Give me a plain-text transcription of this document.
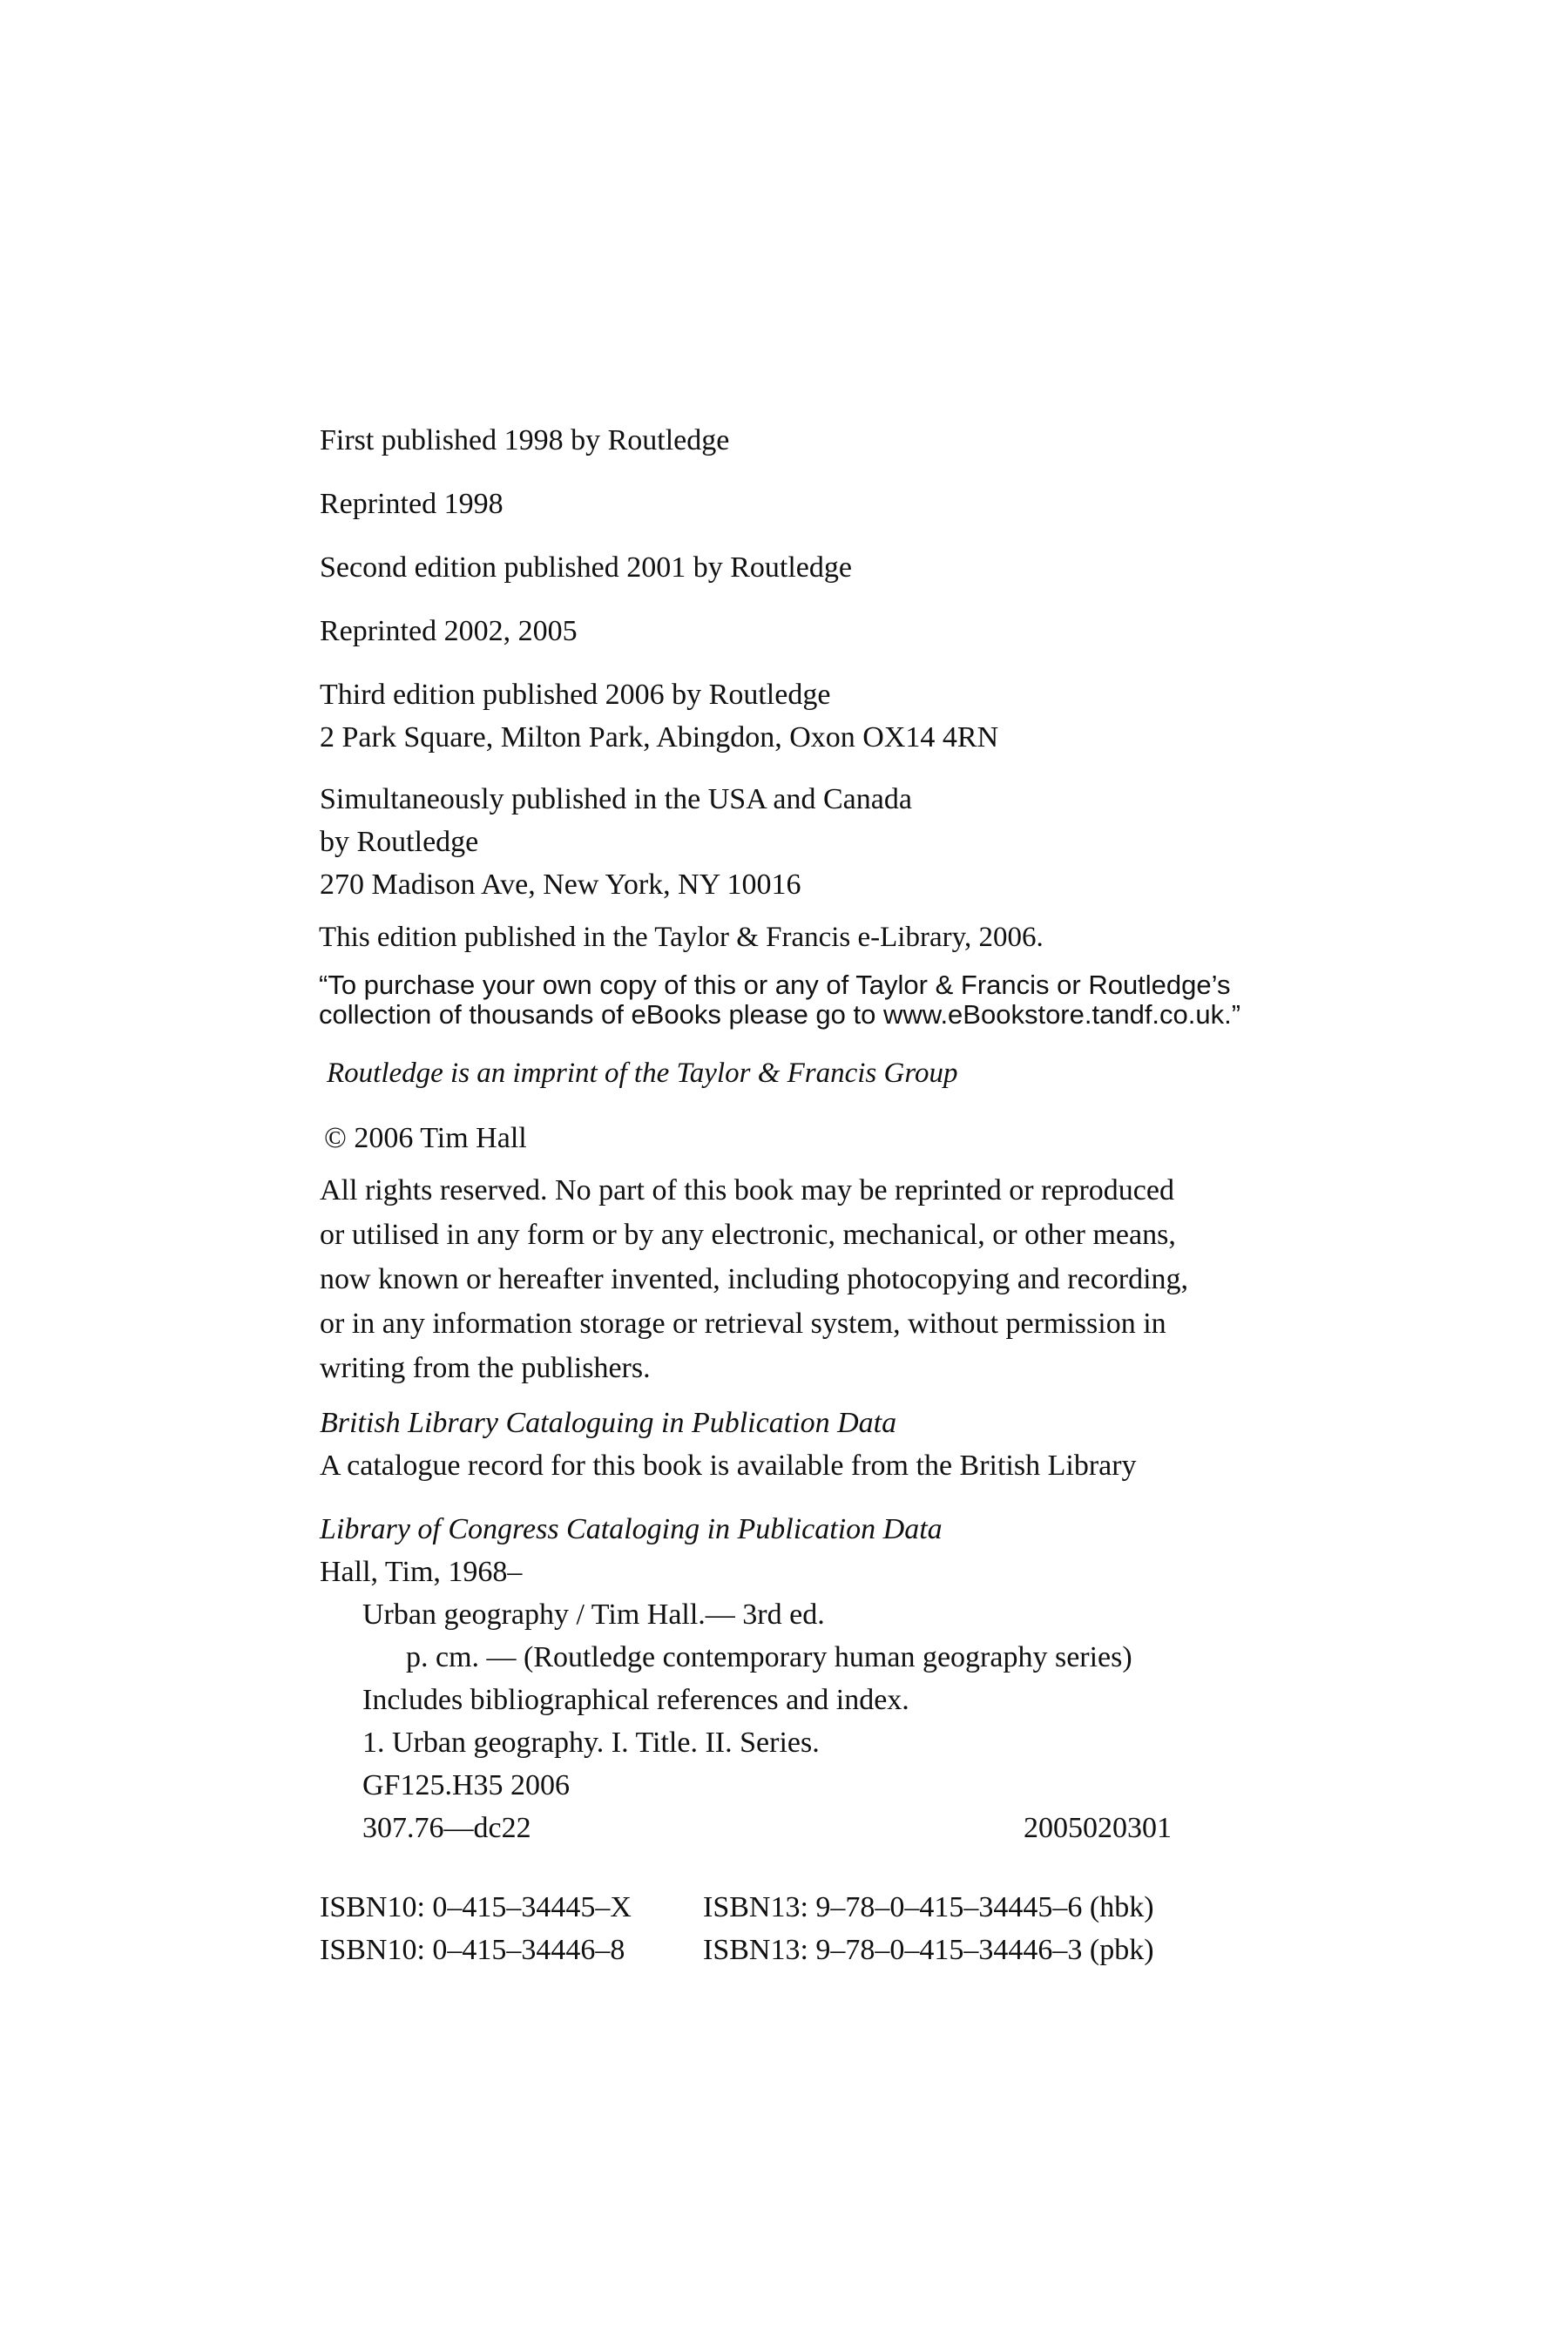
First published 1998 by Routledge
Reprinted 1998
Second edition published 2001 by Routledge
Reprinted 2002, 2005
Third edition published 2006 by Routledge
2 Park Square, Milton Park, Abingdon, Oxon OX14 4RN
Simultaneously published in the USA and Canada
by Routledge
270 Madison Ave, New York, NY 10016
This edition published in the Taylor & Francis e-Library, 2006.
“To purchase your own copy of this or any of Taylor & Francis or Routledge’s
collection of thousands of eBooks please go to www.eBookstore.tandf.co.uk.”
Routledge is an imprint of the Taylor & Francis Group
© 2006 Tim Hall
All rights reserved. No part of this book may be reprinted or reproduced
or utilised in any form or by any electronic, mechanical, or other means,
now known or hereafter invented, including photocopying and recording,
or in any information storage or retrieval system, without permission in
writing from the publishers.
British Library Cataloguing in Publication Data
A catalogue record for this book is available from the British Library
Library of Congress Cataloging in Publication Data
Hall, Tim, 1968–
Urban geography / Tim Hall.— 3rd ed.
p. cm. — (Routledge contemporary human geography series)
Includes bibliographical references and index.
1. Urban geography. I. Title. II. Series.
GF125.H35 2006
307.76—dc22	2005020301
ISBN10: 0–415–34445–X ISBN13: 9–78–0–415–34445–6 (hbk)
ISBN10: 0–415–34446–8	ISBN13: 9–78–0–415–34446–3 (pbk)
